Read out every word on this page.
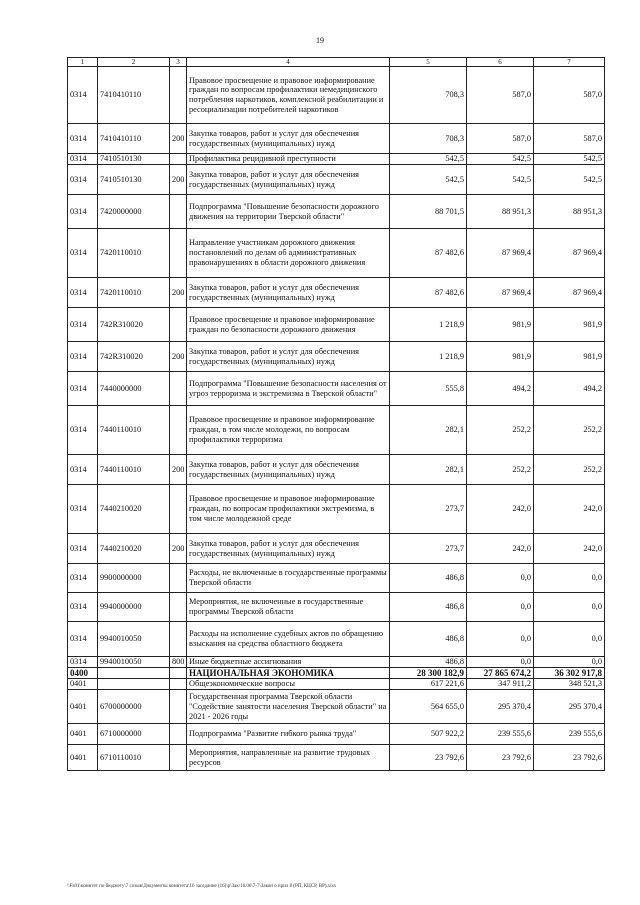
19
1	2	3	4	5	6	7
0314	7410410110		Правовое просвещение и правовое информирование граждан по вопросам профилактики немедицинского потребления наркотиков, комплексной реабилитации и ресоциализации потребителей наркотиков	708,3	587,0	587,0
0314	7410410110	200	Закупка товаров, работ и услуг для обеспечения государственных (муниципальных) нужд	708,3	587,0	587,0
0314	7410510130		Профилактика рецидивной преступности	542,5	542,5	542,5
0314	7410510130	200	Закупка товаров, работ и услуг для обеспечения государственных (муниципальных) нужд	542,5	542,5	542,5
0314	7420000000		Подпрограмма "Повышение безопасности дорожного движения на территории Тверской области"	88 701,5	88 951,3	88 951,3
0314	7420110010		Направление участникам дорожного движения постановлений по делам об административных правонарушениях в области дорожного движения	87 482,6	87 969,4	87 969,4
0314	7420110010	200	Закупка товаров, работ и услуг для обеспечения государственных (муниципальных) нужд	87 482,6	87 969,4	87 969,4
0314	742R310020		Правовое просвещение и правовое информирование граждан по безопасности дорожного движения	1 218,9	981,9	981,9
0314	742R310020	200	Закупка товаров, работ и услуг для обеспечения государственных (муниципальных) нужд	1 218,9	981,9	981,9
0314	7440000000		Подпрограмма "Повышение безопасности населения от угроз терроризма и экстремизма в Тверской области"	555,8	494,2	494,2
0314	7440110010		Правовое просвещение и правовое информирование граждан, в том числе молодежи, по вопросам профилактики терроризма	282,1	252,2	252,2
0314	7440110010	200	Закупка товаров, работ и услуг для обеспечения государственных (муниципальных) нужд	282,1	252,2	252,2
0314	7440210020		Правовое просвещение и правовое информирование граждан, по вопросам профилактики экстремизма, в том числе молодежной среде	273,7	242,0	242,0
0314	7440210020	200	Закупка товаров, работ и услуг для обеспечения государственных (муниципальных) нужд	273,7	242,0	242,0
0314	9900000000		Расходы, не включенные в государственные программы Тверской области	486,8	0,0	0,0
0314	9940000000		Мероприятия, не включенные в государственные программы Тверской области	486,8	0,0	0,0
0314	9940010050		Расходы на исполнение судебных актов по обращению взыскания на средства областного бюджета	486,8	0,0	0,0
0314	9940010050	800	Иные бюджетные ассигнования	486,8	0,0	0,0
0400			НАЦИОНАЛЬНАЯ ЭКОНОМИКА	28 300 182,9	27 865 674,2	36 302 917,8
0401			Общеэкономические вопросы	617 221,6	347 911,2	348 521,3
0401	6700000000		Государственная программа Тверской области "Содействие занятости населения Тверской области" на 2021 - 2026 годы	564 655,0	295 370,4	295 370,4
0401	6710000000		Подпрограмма "Развитие гибкого рынка труда"	507 922,2	239 555,6	239 555,6
0401	6710110010		Мероприятия, направленные на развитие трудовых ресурсов	23 792,6	23 792,6	23 792,6
\\Fs01\комитет по бюджету\7 созыв\Документы комитета\16 заседание (16)\p\Зак\16.06\7-7\Закон о прил 8 (РП, КЦСР, ВР).xlsx
